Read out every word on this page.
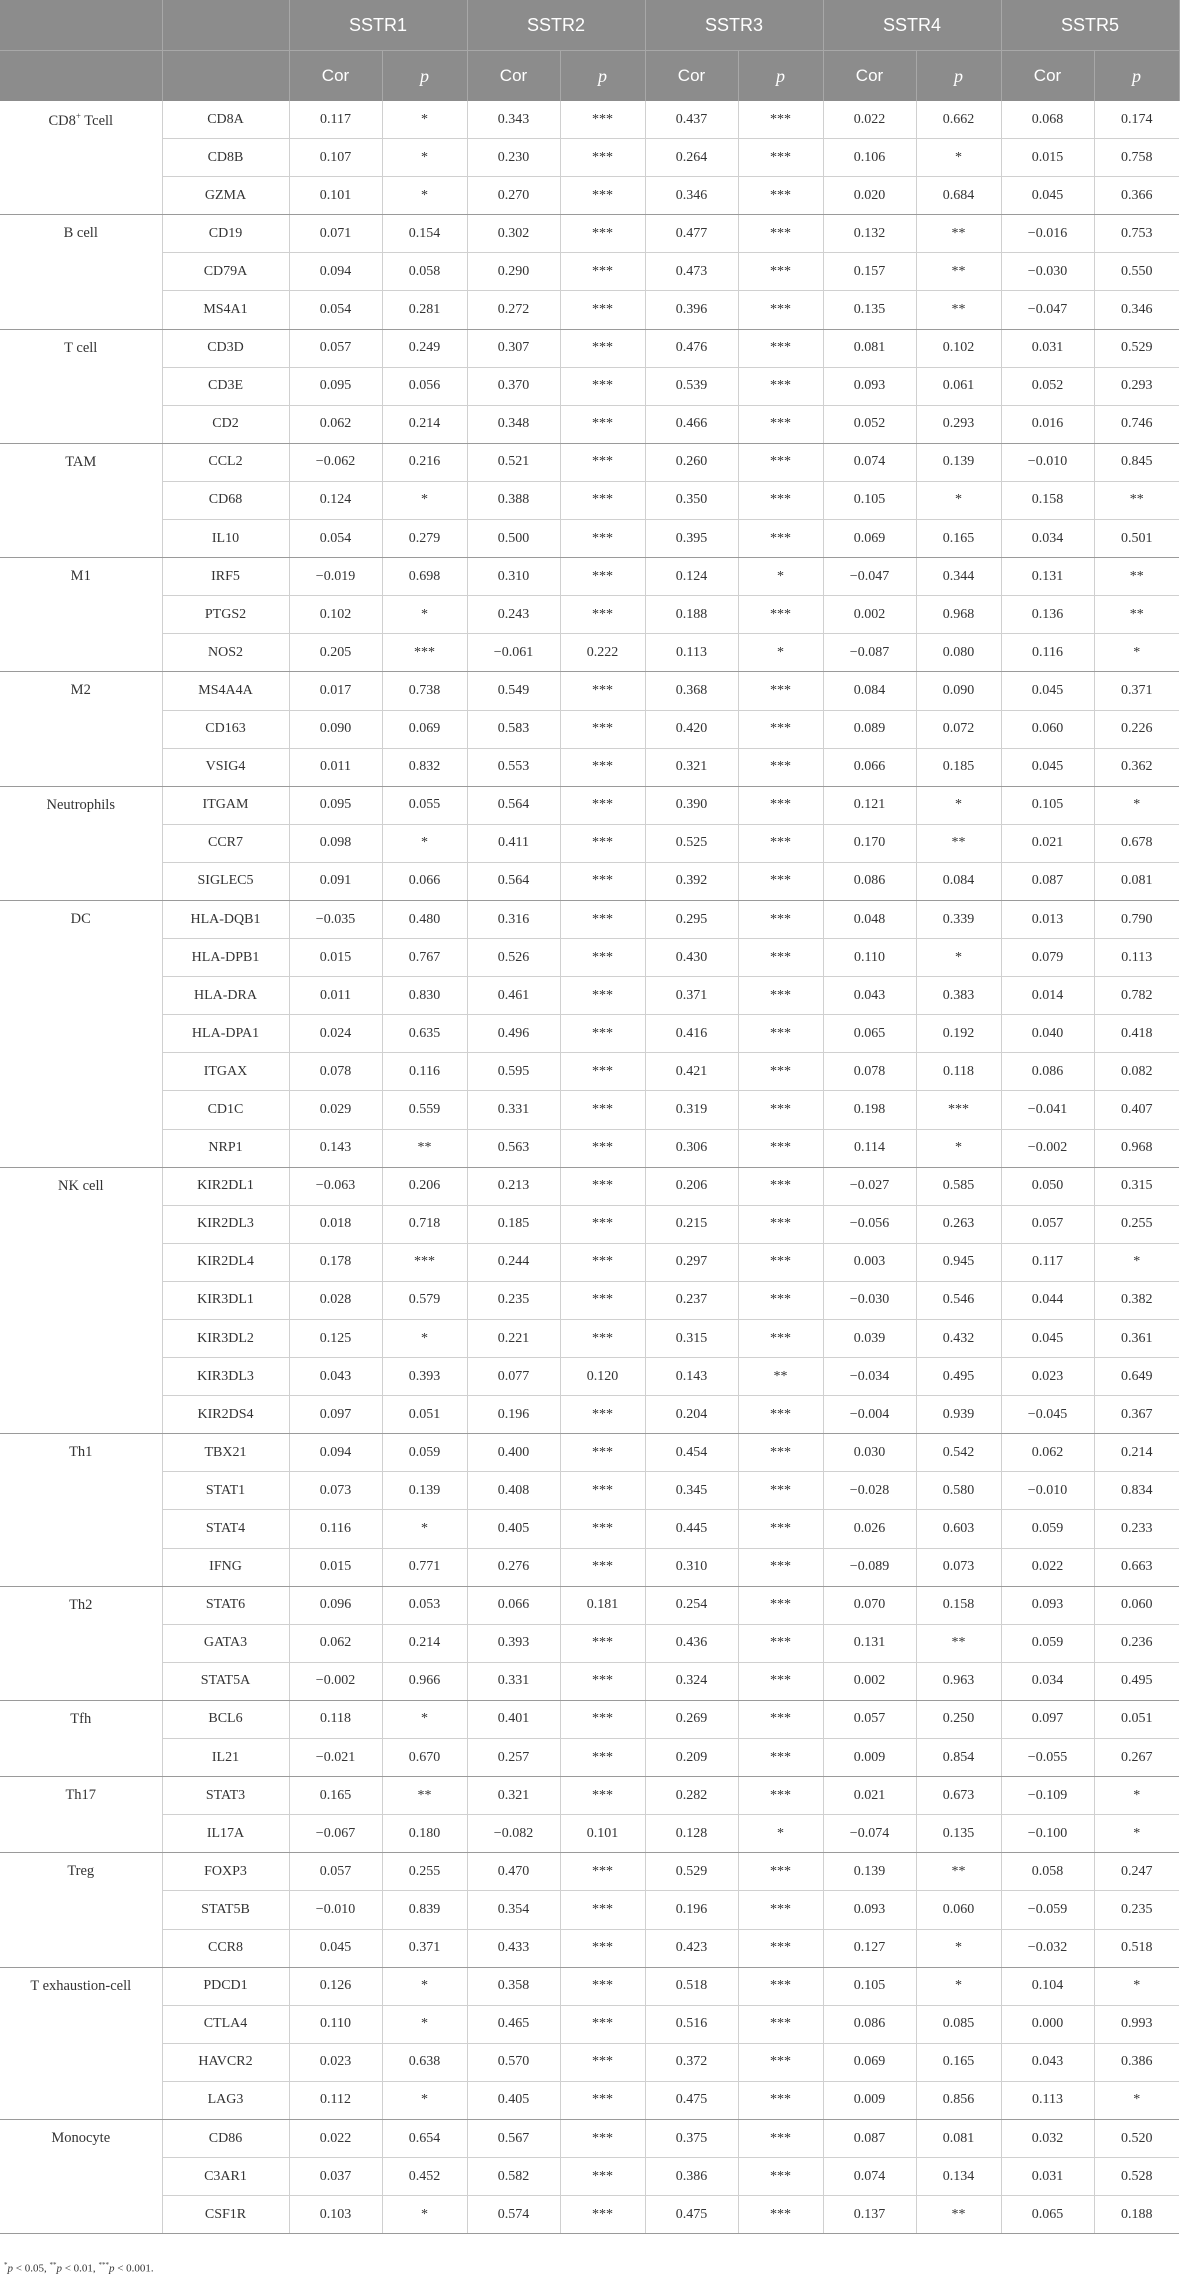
		SSTR1		SSTR2		SSTR3		SSTR4		SSTR5	
		Cor	p	Cor	p	Cor	p	Cor	p	Cor	p
CD8+ Tcell	CD8A	0.117	*	0.343	***	0.437	***	0.022	0.662	0.068	0.174
	CD8B	0.107	*	0.230	***	0.264	***	0.106	*	0.015	0.758
	GZMA	0.101	*	0.270	***	0.346	***	0.020	0.684	0.045	0.366
B cell	CD19	0.071	0.154	0.302	***	0.477	***	0.132	**	−0.016	0.753
	CD79A	0.094	0.058	0.290	***	0.473	***	0.157	**	−0.030	0.550
	MS4A1	0.054	0.281	0.272	***	0.396	***	0.135	**	−0.047	0.346
T cell	CD3D	0.057	0.249	0.307	***	0.476	***	0.081	0.102	0.031	0.529
	CD3E	0.095	0.056	0.370	***	0.539	***	0.093	0.061	0.052	0.293
	CD2	0.062	0.214	0.348	***	0.466	***	0.052	0.293	0.016	0.746
TAM	CCL2	−0.062	0.216	0.521	***	0.260	***	0.074	0.139	−0.010	0.845
	CD68	0.124	*	0.388	***	0.350	***	0.105	*	0.158	**
	IL10	0.054	0.279	0.500	***	0.395	***	0.069	0.165	0.034	0.501
M1	IRF5	−0.019	0.698	0.310	***	0.124	*	−0.047	0.344	0.131	**
	PTGS2	0.102	*	0.243	***	0.188	***	0.002	0.968	0.136	**
	NOS2	0.205	***	−0.061	0.222	0.113	*	−0.087	0.080	0.116	*
M2	MS4A4A	0.017	0.738	0.549	***	0.368	***	0.084	0.090	0.045	0.371
	CD163	0.090	0.069	0.583	***	0.420	***	0.089	0.072	0.060	0.226
	VSIG4	0.011	0.832	0.553	***	0.321	***	0.066	0.185	0.045	0.362
Neutrophils	ITGAM	0.095	0.055	0.564	***	0.390	***	0.121	*	0.105	*
	CCR7	0.098	*	0.411	***	0.525	***	0.170	**	0.021	0.678
	SIGLEC5	0.091	0.066	0.564	***	0.392	***	0.086	0.084	0.087	0.081
DC	HLA-DQB1	−0.035	0.480	0.316	***	0.295	***	0.048	0.339	0.013	0.790
	HLA-DPB1	0.015	0.767	0.526	***	0.430	***	0.110	*	0.079	0.113
	HLA-DRA	0.011	0.830	0.461	***	0.371	***	0.043	0.383	0.014	0.782
	HLA-DPA1	0.024	0.635	0.496	***	0.416	***	0.065	0.192	0.040	0.418
	ITGAX	0.078	0.116	0.595	***	0.421	***	0.078	0.118	0.086	0.082
	CD1C	0.029	0.559	0.331	***	0.319	***	0.198	***	−0.041	0.407
	NRP1	0.143	**	0.563	***	0.306	***	0.114	*	−0.002	0.968
NK cell	KIR2DL1	−0.063	0.206	0.213	***	0.206	***	−0.027	0.585	0.050	0.315
	KIR2DL3	0.018	0.718	0.185	***	0.215	***	−0.056	0.263	0.057	0.255
	KIR2DL4	0.178	***	0.244	***	0.297	***	0.003	0.945	0.117	*
	KIR3DL1	0.028	0.579	0.235	***	0.237	***	−0.030	0.546	0.044	0.382
	KIR3DL2	0.125	*	0.221	***	0.315	***	0.039	0.432	0.045	0.361
	KIR3DL3	0.043	0.393	0.077	0.120	0.143	**	−0.034	0.495	0.023	0.649
	KIR2DS4	0.097	0.051	0.196	***	0.204	***	−0.004	0.939	−0.045	0.367
Th1	TBX21	0.094	0.059	0.400	***	0.454	***	0.030	0.542	0.062	0.214
	STAT1	0.073	0.139	0.408	***	0.345	***	−0.028	0.580	−0.010	0.834
	STAT4	0.116	*	0.405	***	0.445	***	0.026	0.603	0.059	0.233
	IFNG	0.015	0.771	0.276	***	0.310	***	−0.089	0.073	0.022	0.663
Th2	STAT6	0.096	0.053	0.066	0.181	0.254	***	0.070	0.158	0.093	0.060
	GATA3	0.062	0.214	0.393	***	0.436	***	0.131	**	0.059	0.236
	STAT5A	−0.002	0.966	0.331	***	0.324	***	0.002	0.963	0.034	0.495
Tfh	BCL6	0.118	*	0.401	***	0.269	***	0.057	0.250	0.097	0.051
	IL21	−0.021	0.670	0.257	***	0.209	***	0.009	0.854	−0.055	0.267
Th17	STAT3	0.165	**	0.321	***	0.282	***	0.021	0.673	−0.109	*
	IL17A	−0.067	0.180	−0.082	0.101	0.128	*	−0.074	0.135	−0.100	*
Treg	FOXP3	0.057	0.255	0.470	***	0.529	***	0.139	**	0.058	0.247
	STAT5B	−0.010	0.839	0.354	***	0.196	***	0.093	0.060	−0.059	0.235
	CCR8	0.045	0.371	0.433	***	0.423	***	0.127	*	−0.032	0.518
T exhaustion-cell	PDCD1	0.126	*	0.358	***	0.518	***	0.105	*	0.104	*
	CTLA4	0.110	*	0.465	***	0.516	***	0.086	0.085	0.000	0.993
	HAVCR2	0.023	0.638	0.570	***	0.372	***	0.069	0.165	0.043	0.386
	LAG3	0.112	*	0.405	***	0.475	***	0.009	0.856	0.113	*
Monocyte	CD86	0.022	0.654	0.567	***	0.375	***	0.087	0.081	0.032	0.520
	C3AR1	0.037	0.452	0.582	***	0.386	***	0.074	0.134	0.031	0.528
	CSF1R	0.103	*	0.574	***	0.475	***	0.137	**	0.065	0.188
*p < 0.05, **p < 0.01, ***p < 0.001.
